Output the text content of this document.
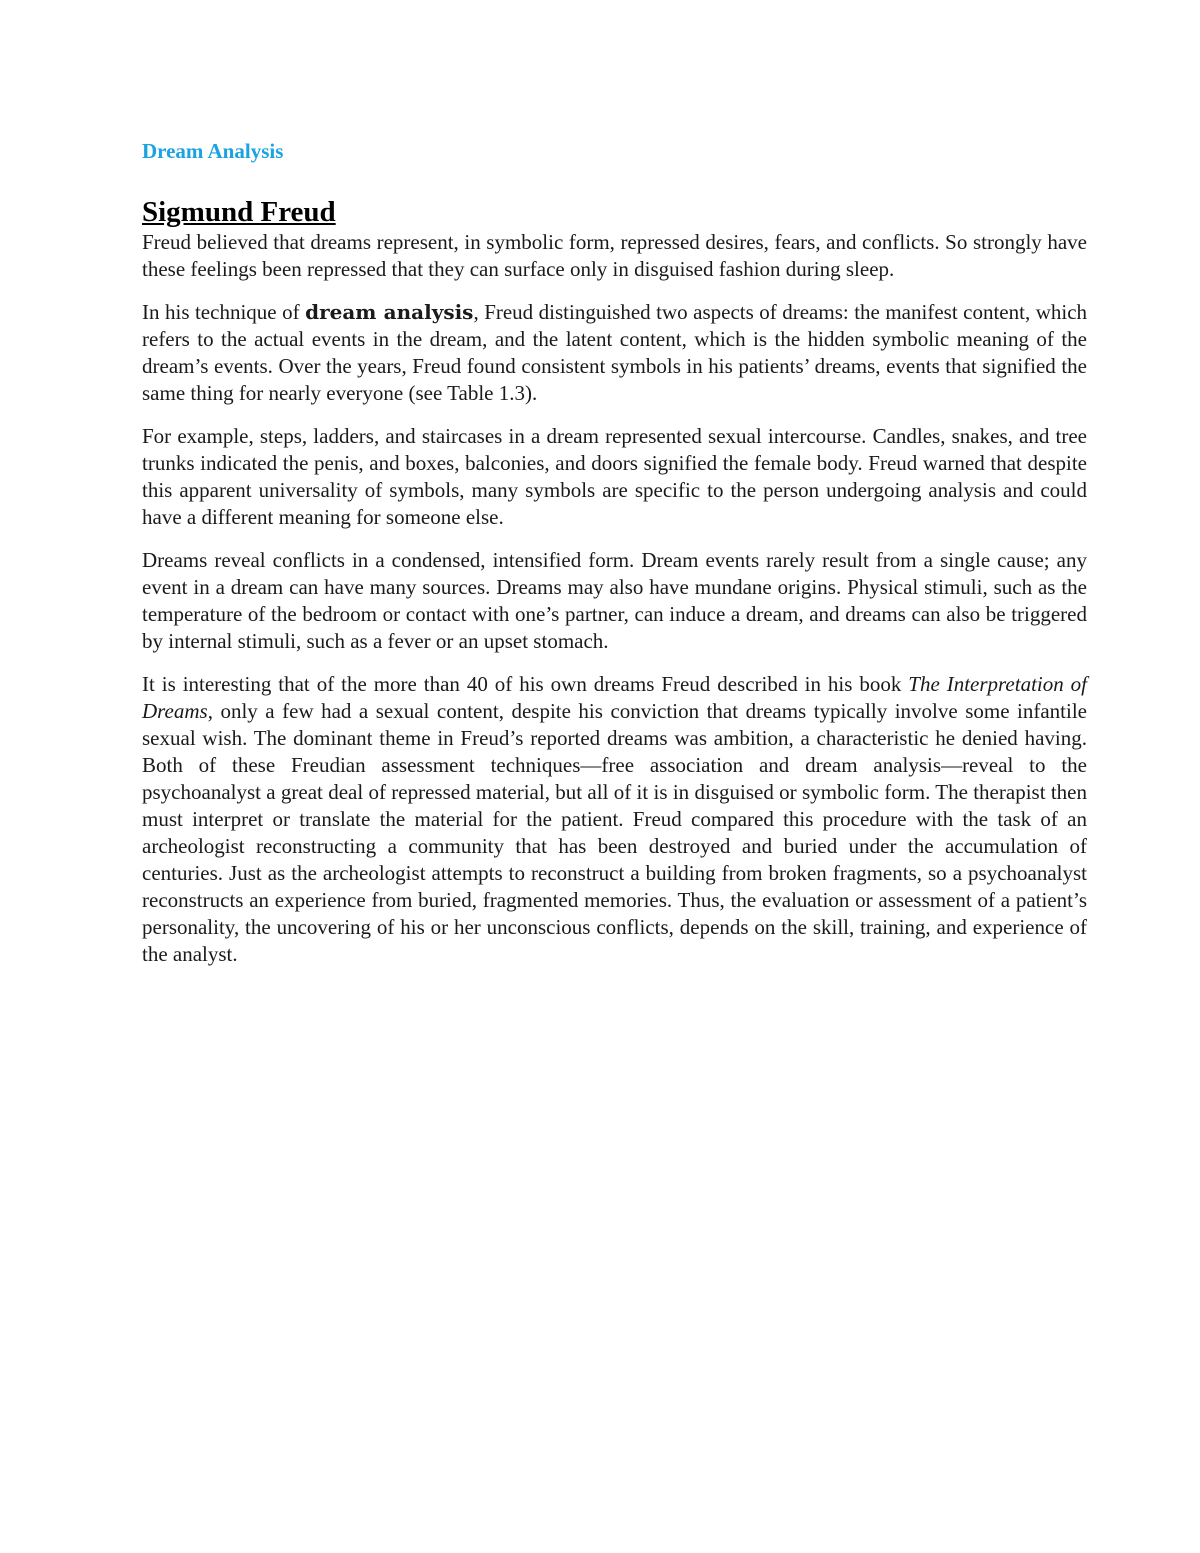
Dream Analysis
Sigmund Freud

Freud believed that dreams represent, in symbolic form, repressed desires, fears, and conflicts. So strongly have these feelings been repressed that they can surface only in disguised fashion during sleep.

In his technique of dream analysis, Freud distinguished two aspects of dreams: the manifest content, which refers to the actual events in the dream, and the latent content, which is the hidden symbolic meaning of the dream’s events. Over the years, Freud found consistent symbols in his patients’ dreams, events that signified the same thing for nearly everyone (see Table 1.3).

For example, steps, ladders, and staircases in a dream represented sexual intercourse. Candles, snakes, and tree trunks indicated the penis, and boxes, balconies, and doors signified the female body. Freud warned that despite this apparent universality of symbols, many symbols are specific to the person undergoing analysis and could have a different meaning for someone else.

Dreams reveal conflicts in a condensed, intensified form. Dream events rarely result from a single cause; any event in a dream can have many sources. Dreams may also have mundane origins. Physical stimuli, such as the temperature of the bedroom or contact with one’s partner, can induce a dream, and dreams can also be triggered by internal stimuli, such as a fever or an upset stomach.

It is interesting that of the more than 40 of his own dreams Freud described in his book The Interpretation of Dreams, only a few had a sexual content, despite his conviction that dreams typically involve some infantile sexual wish. The dominant theme in Freud’s reported dreams was ambition, a characteristic he denied having. Both of these Freudian assessment techniques—free association and dream analysis—reveal to the psychoanalyst a great deal of repressed material, but all of it is in disguised or symbolic form. The therapist then must interpret or translate the material for the patient. Freud compared this procedure with the task of an archeologist reconstructing a community that has been destroyed and buried under the accumulation of centuries. Just as the archeologist attempts to reconstruct a building from broken fragments, so a psychoanalyst reconstructs an experience from buried, fragmented memories. Thus, the evaluation or assessment of a patient’s personality, the uncovering of his or her unconscious conflicts, depends on the skill, training, and experience of the analyst.
